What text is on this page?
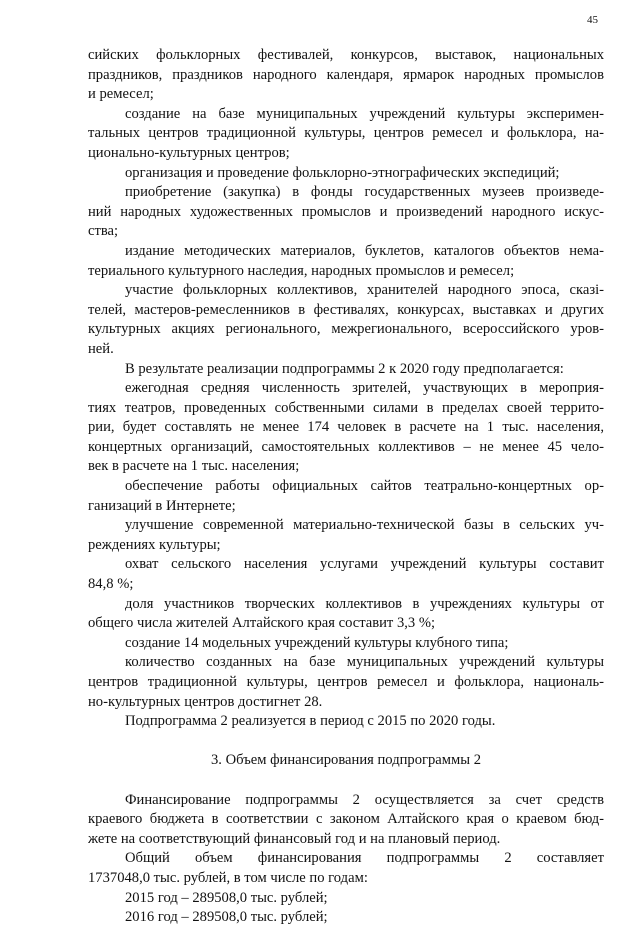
45
сийских фольклорных фестивалей, конкурсов, выставок, национальных
праздников, праздников народного календаря, ярмарок народных промыслов
и ремесел;
создание на базе муниципальных учреждений культуры эксперимен-
тальных центров традиционной культуры, центров ремесел и фольклора, на-
ционально-культурных центров;
организация и проведение фольклорно-этнографических экспедиций;
приобретение (закупка) в фонды государственных музеев произведе-
ний народных художественных промыслов и произведений народного искус-
ства;
издание методических материалов, буклетов, каталогов объектов нема-
териального культурного наследия, народных промыслов и ремесел;
участие фольклорных коллективов, хранителей народного эпоса, сказi-
телей, мастеров-ремесленников в фестивалях, конкурсах, выставках и других
культурных акциях регионального, межрегионального, всероссийского уров-
ней.
В результате реализации подпрограммы 2 к 2020 году предполагается:
ежегодная средняя численность зрителей, участвующих в мероприя-
тиях театров, проведенных собственными силами в пределах своей террито-
рии, будет составлять не менее 174 человек в расчете на 1 тыс. населения,
концертных организаций, самостоятельных коллективов – не менее 45 чело-
век в расчете на 1 тыс. населения;
обеспечение работы официальных сайтов театрально-концертных ор-
ганизаций в Интернете;
улучшение современной материально-технической базы в сельских уч-
реждениях культуры;
охват сельского населения услугами учреждений культуры составит
84,8 %;
доля участников творческих коллективов в учреждениях культуры от
общего числа жителей Алтайского края составит 3,3 %;
создание 14 модельных учреждений культуры клубного типа;
количество созданных на базе муниципальных учреждений культуры
центров традиционной культуры, центров ремесел и фольклора, националь-
но-культурных центров достигнет 28.
Подпрограмма 2 реализуется в период с 2015 по 2020 годы.
3. Объем финансирования подпрограммы 2
Финансирование подпрограммы 2 осуществляется за счет средств
краевого бюджета в соответствии с законом Алтайского края о краевом бюд-
жете на соответствующий финансовый год и на плановый период.
Общий объем финансирования подпрограммы 2 составляет
1737048,0 тыс. рублей, в том числе по годам:
2015 год – 289508,0 тыс. рублей;
2016 год – 289508,0 тыс. рублей;
